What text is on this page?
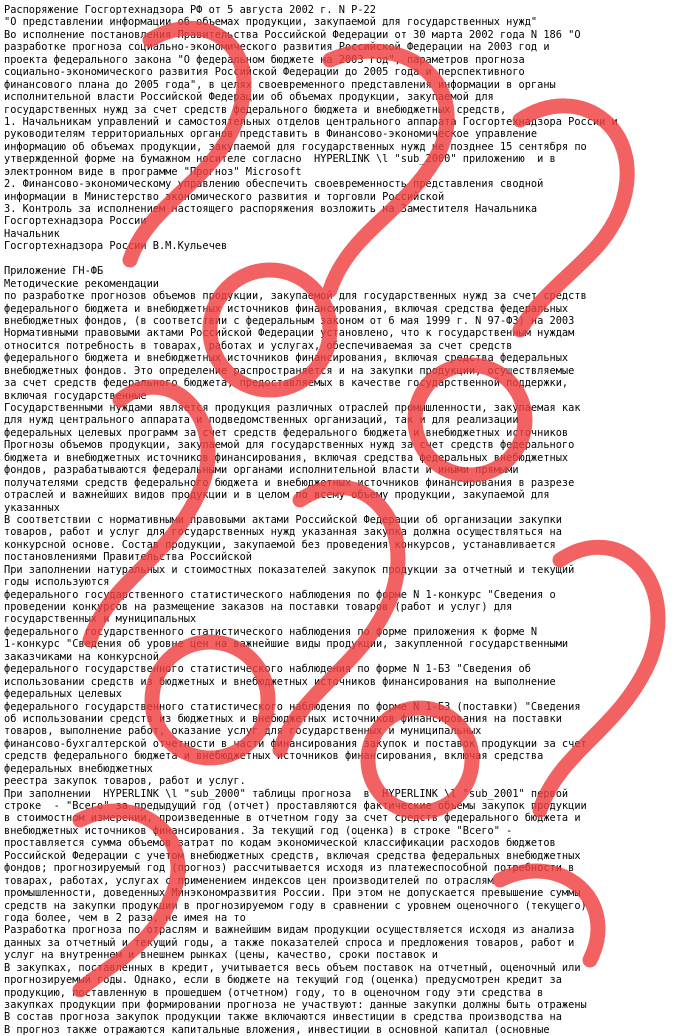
Распоряжение Госгортехнадзора РФ от 5 августа 2002 г. N Р-22
"О представлении информации об объемах продукции, закупаемой для государственных нужд"
Во исполнение постановления Правительства Российской Федерации от 30 марта 2002 года N 186 "О
разработке прогноза социально-экономического развития Российской Федерации на 2003 год и
проекта федерального закона "О федеральном бюджете на 2003 год", параметров прогноза
социально-экономического развития Российской Федерации до 2005 года и перспективного
финансового плана до 2005 года", в целях своевременного представления информации в органы
исполнительной власти Российской Федерации об объемах продукции, закупаемой для
государственных нужд за счет средств федерального бюджета и внебюджетных средств,
1. Начальникам управлений и самостоятельных отделов центрального аппарата Госгортехнадзора России и
руководителям территориальных органов представить в Финансово-экономическое управление
информацию об объемах продукции, закупаемой для государственных нужд не позднее 15 сентября по
утвержденной форме на бумажном носителе согласно  HYPERLINK \l "sub_2000" приложению  и в
электронном виде в программе "Прогноз" Microsoft
2. Финансово-экономическому управлению обеспечить своевременность представления сводной
информации в Министерство экономического развития и торговли Российской
3. Контроль за исполнением настоящего распоряжения возложить на Заместителя Начальника
Госгортехнадзора России
Начальник
Госгортехнадзора России В.М.Кульечев
Приложение ГН-ФБ
Методические рекомендации
по разработке прогнозов объемов продукции, закупаемой для государственных нужд за счет средств
федерального бюджета и внебюджетных источников финансирования, включая средства федеральных
внебюджетных фондов, (в соответствии с федеральным законом от 6 мая 1999 г. N 97-ФЗ) на 2003
Нормативными правовыми актами Российской Федерации установлено, что к государственным нуждам
относится потребность в товарах, работах и услугах, обеспечиваемая за счет средств
федерального бюджета и внебюджетных источников финансирования, включая средства федеральных
внебюджетных фондов. Это определение распространяется и на закупки продукции, осуществляемые
за счет средств федерального бюджета, предоставляемых в качестве государственной поддержки,
включая государственные
Государственными нуждами является продукция различных отраслей промышленности, закупаемая как
для нужд центрального аппарата и подведомственных организаций, так и для реализации
федеральных целевых программ за счет средств федерального бюджета и внебюджетных источников
Прогнозы объемов продукции, закупаемой для государственных нужд за счет средств федерального
бюджета и внебюджетных источников финансирования, включая средства федеральных внебюджетных
фондов, разрабатываются федеральными органами исполнительной власти и иными прямыми
получателями средств федерального бюджета и внебюджетных источников финансирования в разрезе
отраслей и важнейших видов продукции и в целом по всему объему продукции, закупаемой для
указанных
В соответствии с нормативными правовыми актами Российской Федерации об организации закупки
товаров, работ и услуг для государственных нужд указанная закупка должна осуществляться на
конкурсной основе. Состав продукции, закупаемой без проведения конкурсов, устанавливается
постановлениями Правительства Российской
При заполнении натуральных и стоимостных показателей закупок продукции за отчетный и текущий
годы используются
федерального государственного статистического наблюдения по форме N 1-конкурс "Сведения о
проведении конкурсов на размещение заказов на поставки товаров (работ и услуг) для
государственных и муниципальных
федерального государственного статистического наблюдения по форме приложения к форме N
1-конкурс "Сведения об уровне цен на важнейшие виды продукции, закупленной государственными
заказчиками на конкурсной
федерального государственного статистического наблюдения по форме N 1-БЗ "Сведения об
использовании средств из бюджетных и внебюджетных источников финансирования на выполнение
федеральных целевых
федерального государственного статистического наблюдения по форме N 1-БЗ (поставки) "Сведения
об использовании средств из бюджетных и внебюджетных источников финансирования на поставки
товаров, выполнение работ, оказание услуг для государственных и муниципальных
финансово-бухгалтерской отчетности в части финансирования закупок и поставок продукции за счет
средств федерального бюджета и внебюджетных источников финансирования, включая средства
федеральных внебюджетных
реестра закупок товаров, работ и услуг.
При заполнении  HYPERLINK \l "sub_2000" таблицы прогноза  в  HYPERLINK \l "sub_2001" первой
строке  - "Всего" за предыдущий год (отчет) проставляются фактические объемы закупок продукции
в стоимостном измерении, произведенные в отчетном году за счет средств федерального бюджета и
внебюджетных источников финансирования. За текущий год (оценка) в строке "Всего" -
проставляется сумма объемов затрат по кодам экономической классификации расходов бюджетов
Российской Федерации с учетом внебюджетных средств, включая средства федеральных внебюджетных
фондов; прогнозируемый год (прогноз) рассчитывается исходя из платежеспособной потребности в
товарах, работах, услугах с применением индексов цен производителей по отраслям
промышленности, доведенных Минэкономразвития России. При этом не допускается превышение суммы
средств на закупки продукции в прогнозируемом году в сравнении с уровнем оценочного (текущего)
года более, чем в 2 раза, не имея на то
Разработка прогноза по отраслям и важнейшим видам продукции осуществляется исходя из анализа
данных за отчетный и текущий годы, а также показателей спроса и предложения товаров, работ и
услуг на внутреннем и внешнем рынках (цены, качество, сроки поставок и
В закупках, поставленных в кредит, учитывается весь объем поставок на отчетный, оценочный или
прогнозируемый годы. Однако, если в бюджете на текущий год (оценка) предусмотрен кредит за
продукцию, поставленную в прошедшем (отчетном) году, то в оценочном году эти средства в
закупках продукции при формировании прогноза не участвуют: данные закупки должны быть отражены
В состав прогноза закупок продукции также включаются инвестиции в средства производства на
В прогноз также отражаются капитальные вложения, инвестиции в основной капитал (основные
